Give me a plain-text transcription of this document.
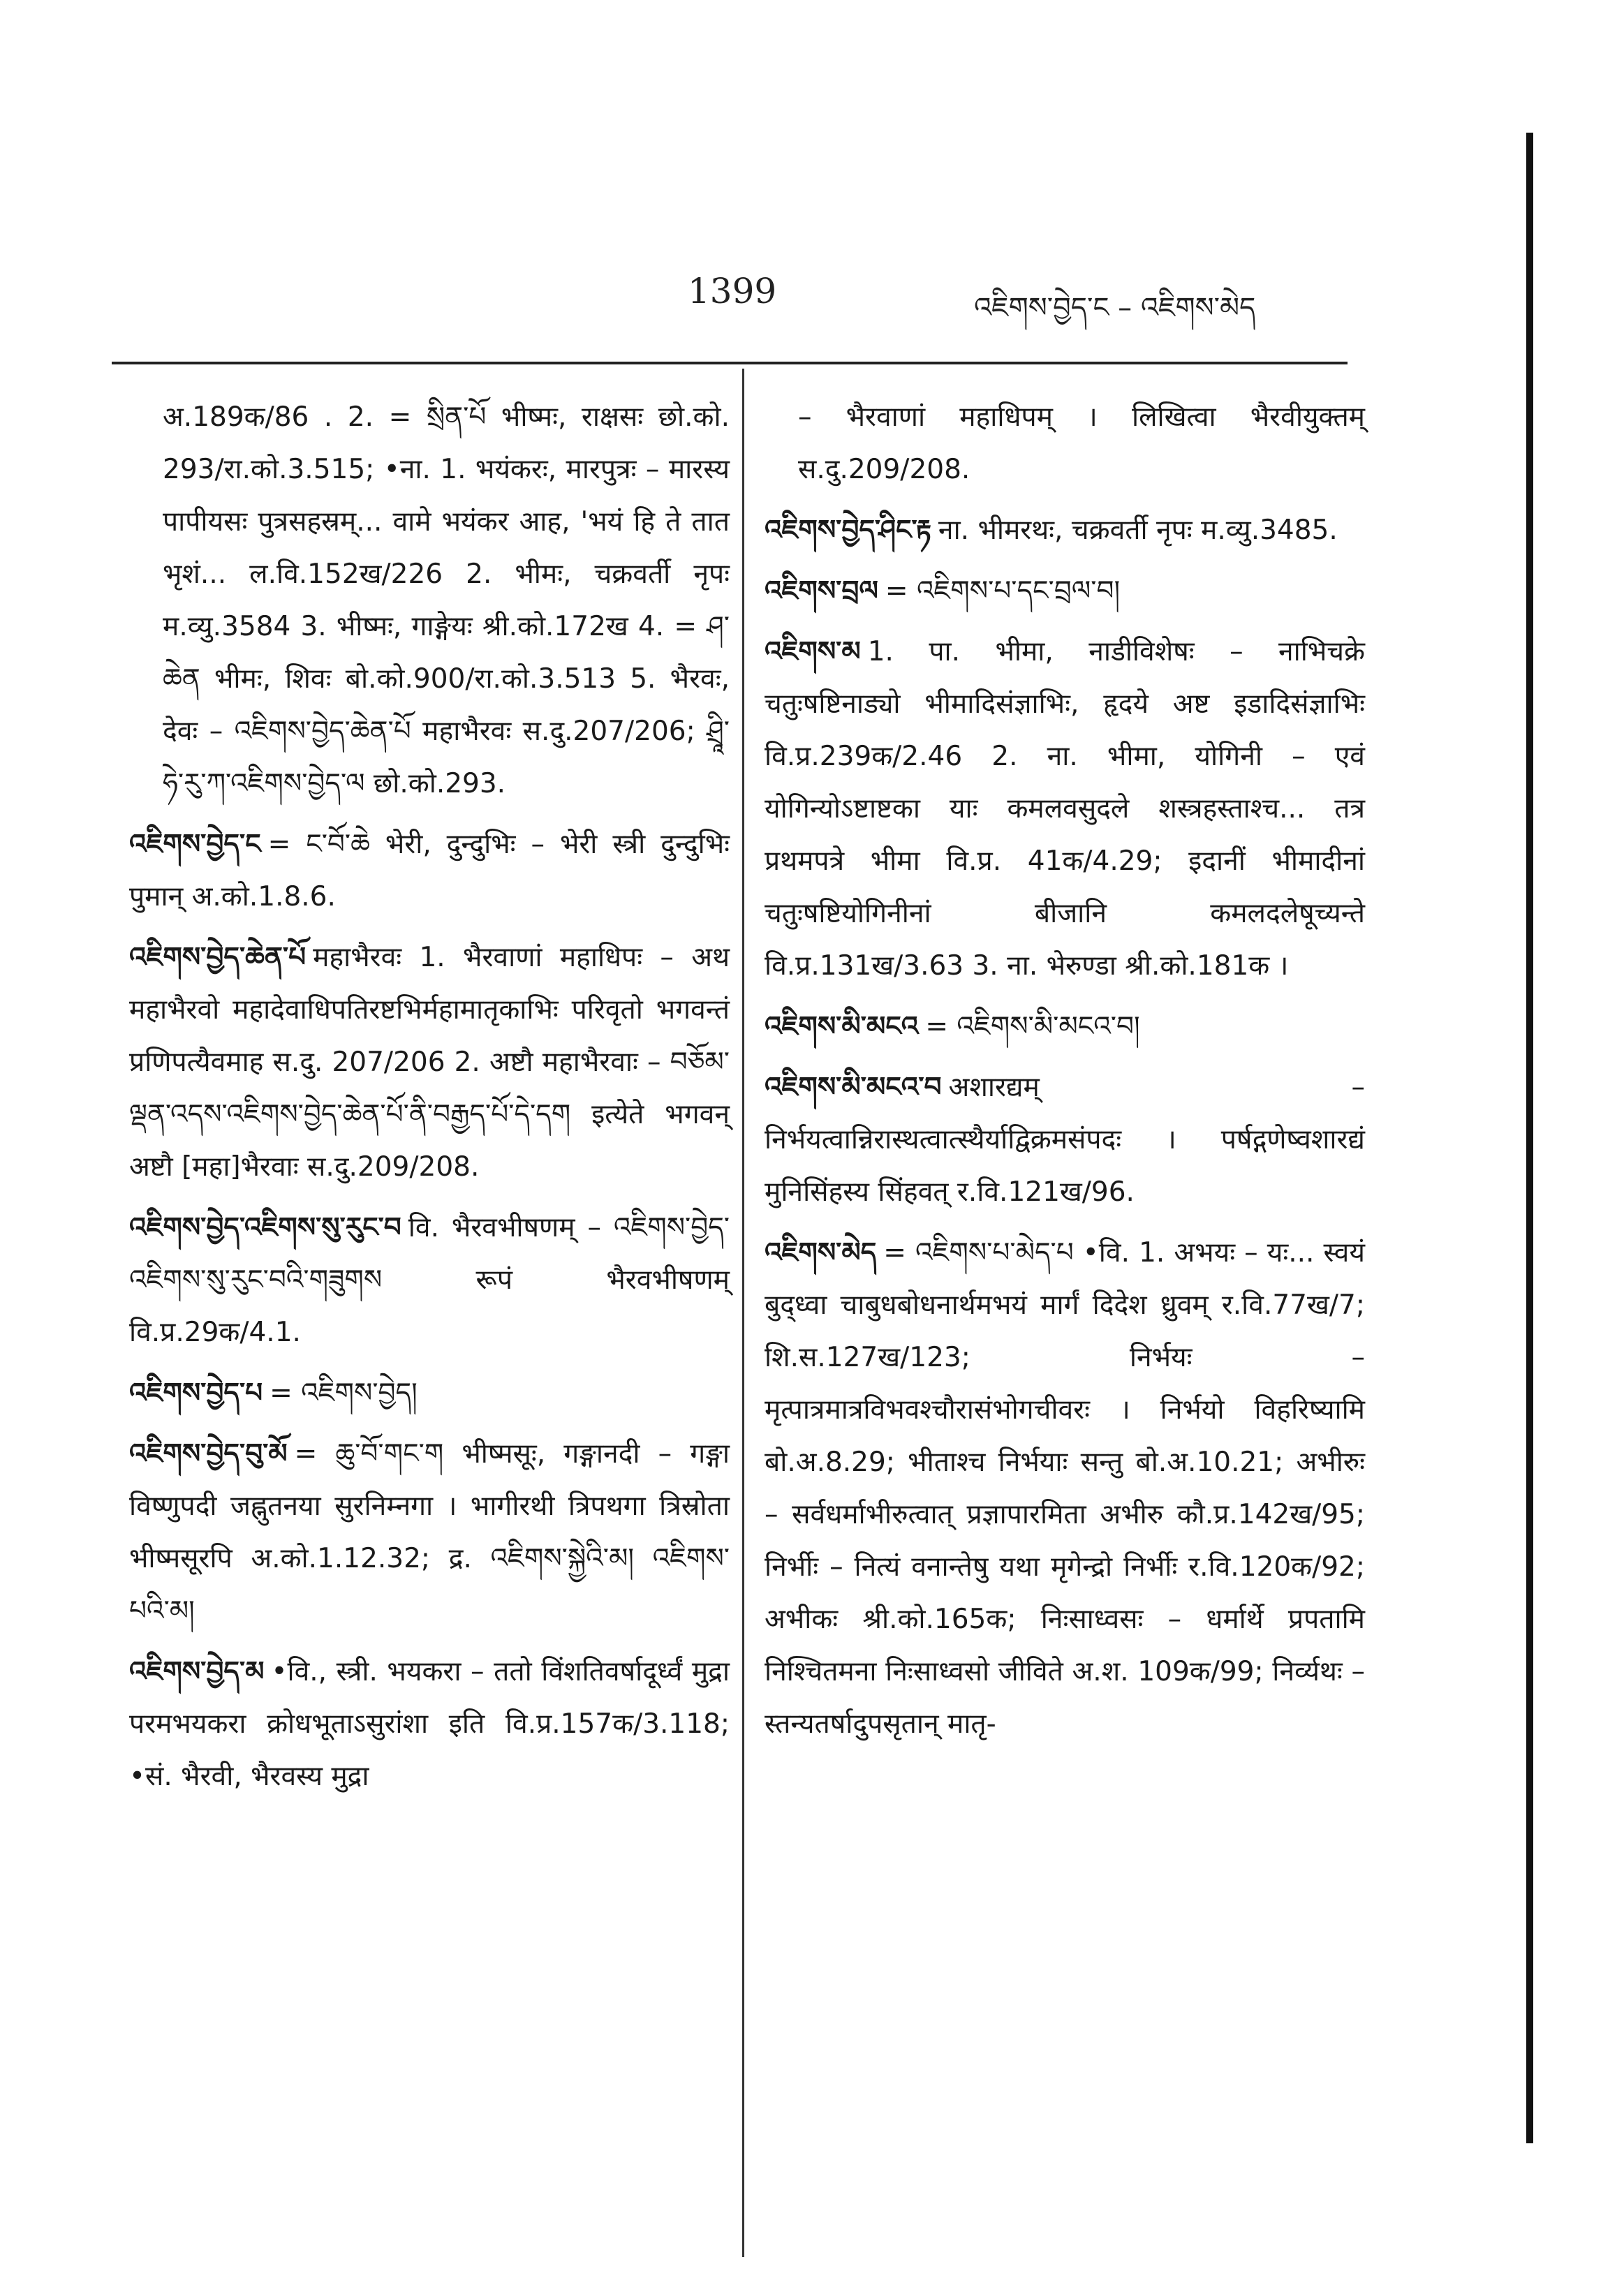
1399	འཇིགས་བྱེད་ང – འཇིགས་མེད
अ.189क/86 . 2. = སྲིན་པོ भीष्मः, राक्षसः छो.को. 293/रा.को.3.515; •ना. 1. भयंकरः, मारपुत्रः – मारस्य पापीयसः पुत्रसहस्रम्... वामे भयंकर आह, 'भयं हि ते तात भृशं... ल.वि.152ख/226 2. भीमः, चक्रवर्ती नृपः म.व्यु.3584 3. भीष्मः, गाङ्गेयः श्री.को.172ख 4. = ཤ་ཆེན भीमः, शिवः बो.को.900/रा.को.3.513 5. भैरवः, देवः – འཇིགས་བྱེད་ཆེན་པོ महाभैरवः स.दु.207/206; ཤྲཱི་ཧེ་རུ་ཀ་འཇིགས་བྱེད་ལ छो.को.293.
འཇིགས་བྱེད་ང = ང་བོ་ཆེ भेरी, दुन्दुभिः – भेरी स्त्री दुन्दुभिः पुमान् अ.को.1.8.6.
འཇིགས་བྱེད་ཆེན་པོ महाभैरवः 1. भैरवाणां महाधिपः – अथ महाभैरवो महादेवाधिपतिरष्टभिर्महामातृकाभिः परिवृतो भगवन्तं प्रणिपत्यैवमाह स.दु. 207/206 2. अष्टौ महाभैरवाः – བཅོམ་ལྡན་འདས་འཇིགས་བྱེད་ཆེན་པོ་ནི་བརྒྱད་པོ་དེ་དག इत्येते भगवन् अष्टौ [महा]भैरवाः स.दु.209/208.
འཇིགས་བྱེད་འཇིགས་སུ་རུང་བ वि. भैरवभीषणम् – འཇིགས་བྱེད་འཇིགས་སུ་རུང་བའི་གཟུགས रूपं भैरवभीषणम् वि.प्र.29क/4.1.
འཇིགས་བྱེད་པ = འཇིགས་བྱེད།
འཇིགས་བྱེད་བུ་མོ = ཆུ་བོ་གང་ག भीष्मसूः, गङ्गानदी – गङ्गा विष्णुपदी जह्नुतनया सुरनिम्नगा । भागीरथी त्रिपथगा त्रिस्रोता भीष्मसूरपि अ.को.1.12.32; द्र. འཇིགས་སྐྱེའི་མ། འཇིགས་པའི་མ།
འཇིགས་བྱེད་མ •वि., स्त्री. भयकरा – ततो विंशतिवर्षादूर्ध्वं मुद्रा परमभयकरा क्रोधभूताऽसुरांशा इति वि.प्र.157क/3.118; •सं. भैरवी, भैरवस्य मुद्रा
– भैरवाणां महाधिपम् । लिखित्वा भैरवीयुक्तम् स.दु.209/208.
འཇིགས་བྱེད་ཤིང་རྟ ना. भीमरथः, चक्रवर्ती नृपः म.व्यु.3485.
འཇིགས་བྲལ = འཇིགས་པ་དང་བྲལ་བ།
འཇིགས་མ 1. पा. भीमा, नाडीविशेषः – नाभिचक्रे चतुःषष्टिनाड्यो भीमादिसंज्ञाभिः, हृदये अष्ट इडादिसंज्ञाभिः वि.प्र.239क/2.46 2. ना. भीमा, योगिनी – एवं योगिन्योऽष्टाष्टका याः कमलवसुदले शस्त्रहस्ताश्च... तत्र प्रथमपत्रे भीमा वि.प्र. 41क/4.29; इदानीं भीमादीनां चतुःषष्टियोगिनीनां बीजानि कमलदलेषूच्यन्ते वि.प्र.131ख/3.63 3. ना. भेरुण्डा श्री.को.181क ।
འཇིགས་མི་མངའ = འཇིགས་མི་མངའ་བ།
འཇིགས་མི་མངའ་བ अशारद्यम् – निर्भयत्वान्निरास्थत्वात्स्थैर्याद्विक्रमसंपदः । पर्षद्गणेष्वशारद्यं मुनिसिंहस्य सिंहवत् र.वि.121ख/96.
འཇིགས་མེད = འཇིགས་པ་མེད་པ •वि. 1. अभयः – यः... स्वयं बुद्ध्वा चाबुधबोधनार्थमभयं मार्गं दिदेश ध्रुवम् र.वि.77ख/7; शि.स.127ख/123; निर्भयः – मृत्पात्रमात्रविभवश्चौरासंभोगचीवरः । निर्भयो विहरिष्यामि बो.अ.8.29; भीताश्च निर्भयाः सन्तु बो.अ.10.21; अभीरुः – सर्वधर्माभीरुत्वात् प्रज्ञापारमिता अभीरु कौ.प्र.142ख/95; निर्भीः – नित्यं वनान्तेषु यथा मृगेन्द्रो निर्भीः र.वि.120क/92; अभीकः श्री.को.165क; निःसाध्वसः – धर्मार्थे प्रपतामि निश्चितमना निःसाध्वसो जीविते अ.श. 109क/99; निर्व्यथः – स्तन्यतर्षादुपसृतान् मातृ-
